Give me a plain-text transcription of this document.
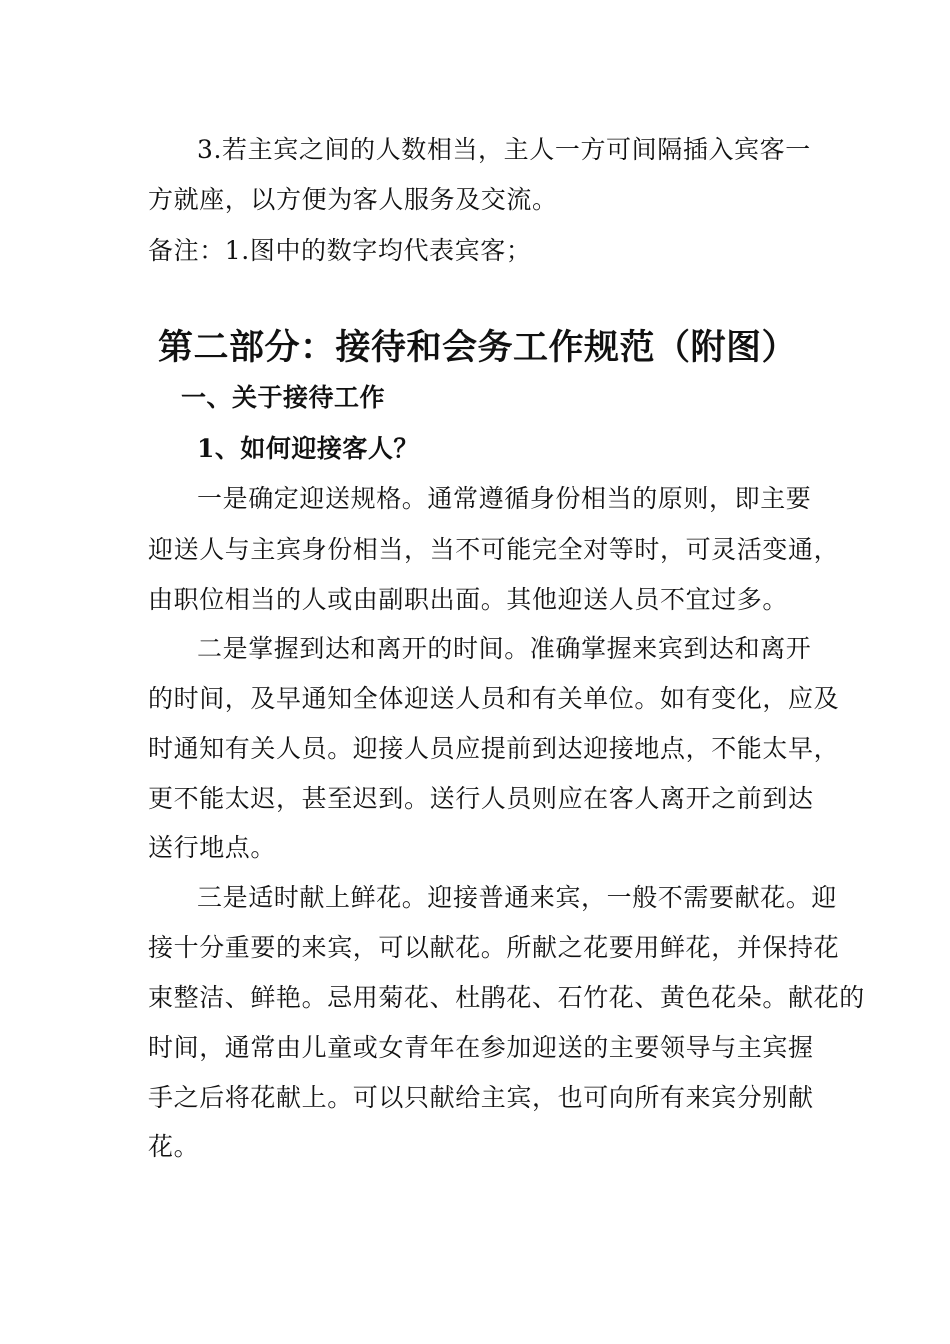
3.若主宾之间的人数相当，主人一方可间隔插入宾客一
方就座，以方便为客人服务及交流。
备注：1.图中的数字均代表宾客；
第二部分：接待和会务工作规范（附图）
一、关于接待工作
1、如何迎接客人？
一是确定迎送规格。通常遵循身份相当的原则，即主要
迎送人与主宾身份相当，当不可能完全对等时，可灵活变通，
由职位相当的人或由副职出面。其他迎送人员不宜过多。
二是掌握到达和离开的时间。准确掌握来宾到达和离开
的时间，及早通知全体迎送人员和有关单位。如有变化，应及
时通知有关人员。迎接人员应提前到达迎接地点，不能太早，
更不能太迟，甚至迟到。送行人员则应在客人离开之前到达
送行地点。
三是适时献上鲜花。迎接普通来宾，一般不需要献花。迎
接十分重要的来宾，可以献花。所献之花要用鲜花，并保持花
束整洁、鲜艳。忌用菊花、杜鹃花、石竹花、黄色花朵。献花的
时间，通常由儿童或女青年在参加迎送的主要领导与主宾握
手之后将花献上。可以只献给主宾，也可向所有来宾分别献
花。
